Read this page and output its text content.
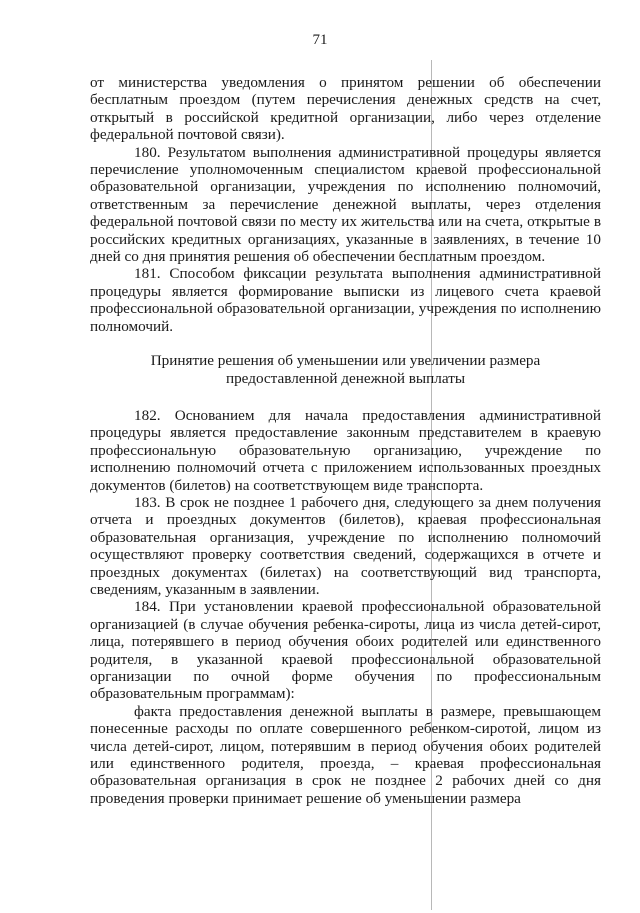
71

от министерства уведомления о принятом решении об обеспечении бесплатным проездом (путем перечисления денежных средств на счет, открытый в российской кредитной организации, либо через отделение федеральной почтовой связи).

180. Результатом выполнения административной процедуры является перечисление уполномоченным специалистом краевой профессиональной образовательной организации, учреждения по исполнению полномочий, ответственным за перечисление денежной выплаты, через отделения федеральной почтовой связи по месту их жительства или на счета, открытые в российских кредитных организациях, указанные в заявлениях, в течение 10 дней со дня принятия решения об обеспечении бесплатным проездом.

181. Способом фиксации результата выполнения административной процедуры является формирование выписки из лицевого счета краевой профессиональной образовательной организации, учреждения по исполнению полномочий.

Принятие решения об уменьшении или увеличении размера
предоставленной денежной выплаты

182. Основанием для начала предоставления административной процедуры является предоставление законным представителем в краевую профессиональную образовательную организацию, учреждение по исполнению полномочий отчета с приложением использованных проездных документов (билетов) на соответствующем виде транспорта.

183. В срок не позднее 1 рабочего дня, следующего за днем получения отчета и проездных документов (билетов), краевая профессиональная образовательная организация, учреждение по исполнению полномочий осуществляют проверку соответствия сведений, содержащихся в отчете и проездных документах (билетах) на соответствующий вид транспорта, сведениям, указанным в заявлении.

184. При установлении краевой профессиональной образовательной организацией (в случае обучения ребенка-сироты, лица из числа детей-сирот, лица, потерявшего в период обучения обоих родителей или единственного родителя, в указанной краевой профессиональной образовательной организации по очной форме обучения по профессиональным образовательным программам):

факта предоставления денежной выплаты в размере, превышающем понесенные расходы по оплате совершенного ребенком-сиротой, лицом из числа детей-сирот, лицом, потерявшим в период обучения обоих родителей или единственного родителя, проезда, – краевая профессиональная образовательная организация в срок не позднее 2 рабочих дней со дня проведения проверки принимает решение об уменьшении размера
